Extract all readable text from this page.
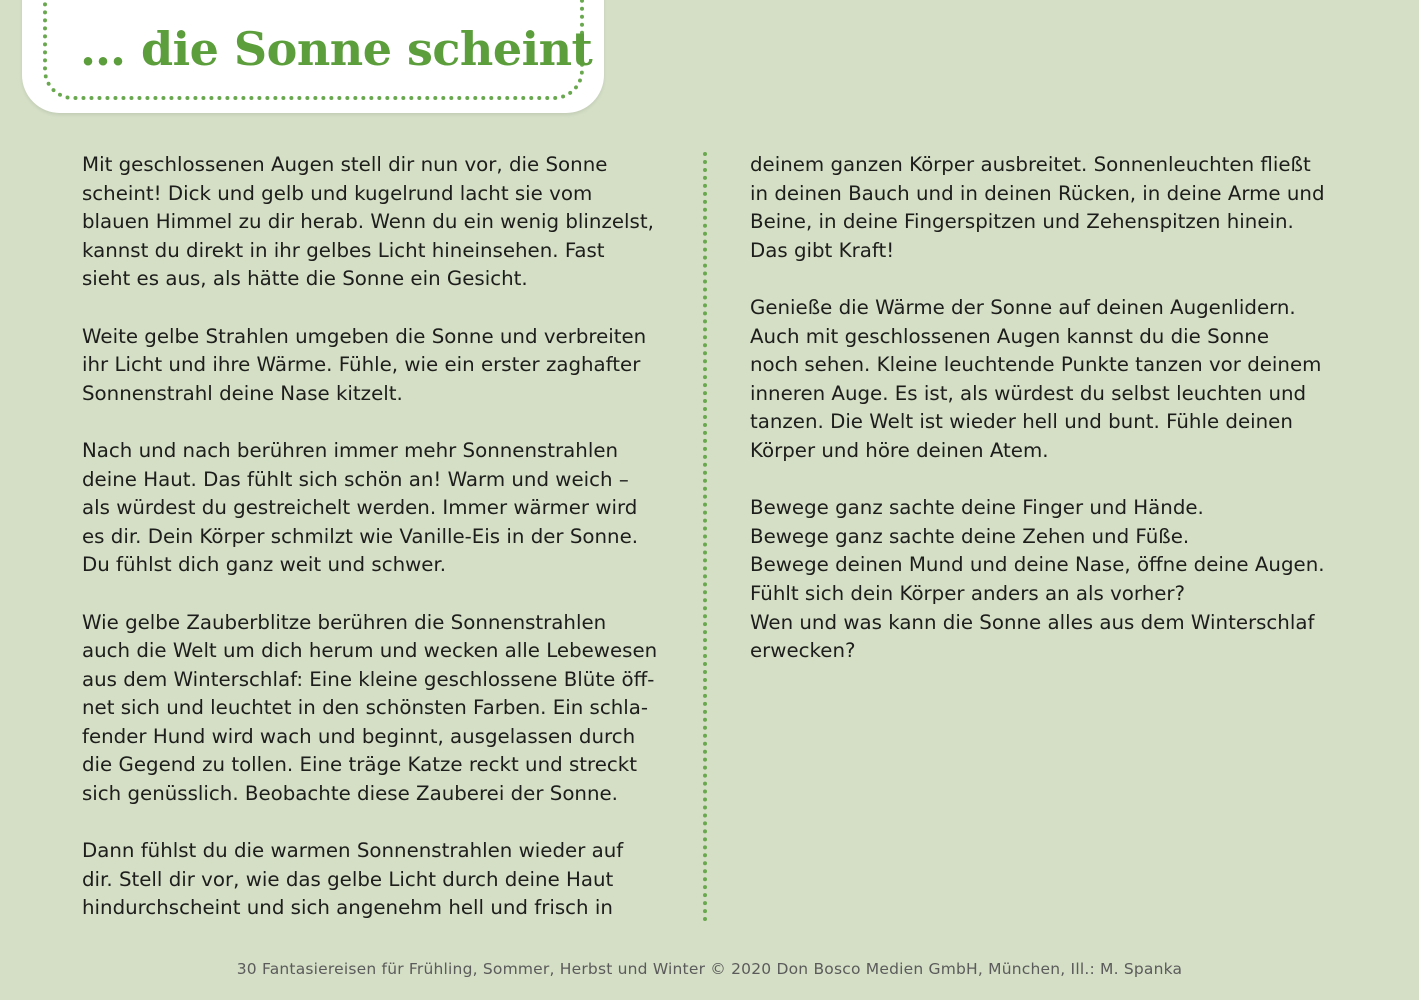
… die Sonne scheint

Mit geschlossenen Augen stell dir nun vor, die Sonne
scheint! Dick und gelb und kugelrund lacht sie vom
blauen Himmel zu dir herab. Wenn du ein wenig blinzelst,
kannst du direkt in ihr gelbes Licht hineinsehen. Fast
sieht es aus, als hätte die Sonne ein Gesicht.

Weite gelbe Strahlen umgeben die Sonne und verbreiten
ihr Licht und ihre Wärme. Fühle, wie ein erster zaghafter
Sonnenstrahl deine Nase kitzelt.

Nach und nach berühren immer mehr Sonnenstrahlen
deine Haut. Das fühlt sich schön an! Warm und weich –
als würdest du gestreichelt werden. Immer wärmer wird
es dir. Dein Körper schmilzt wie Vanille-Eis in der Sonne.
Du fühlst dich ganz weit und schwer.

Wie gelbe Zauberblitze berühren die Sonnenstrahlen
auch die Welt um dich herum und wecken alle Lebewesen
aus dem Winterschlaf: Eine kleine geschlossene Blüte öff-
net sich und leuchtet in den schönsten Farben. Ein schla-
fender Hund wird wach und beginnt, ausgelassen durch
die Gegend zu tollen. Eine träge Katze reckt und streckt
sich genüsslich. Beobachte diese Zauberei der Sonne.

Dann fühlst du die warmen Sonnenstrahlen wieder auf
dir. Stell dir vor, wie das gelbe Licht durch deine Haut
hindurchscheint und sich angenehm hell und frisch in

deinem ganzen Körper ausbreitet. Sonnenleuchten fließt
in deinen Bauch und in deinen Rücken, in deine Arme und
Beine, in deine Fingerspitzen und Zehenspitzen hinein.
Das gibt Kraft!

Genieße die Wärme der Sonne auf deinen Augenlidern.
Auch mit geschlossenen Augen kannst du die Sonne
noch sehen. Kleine leuchtende Punkte tanzen vor deinem
inneren Auge. Es ist, als würdest du selbst leuchten und
tanzen. Die Welt ist wieder hell und bunt. Fühle deinen
Körper und höre deinen Atem.

Bewege ganz sachte deine Finger und Hände.
Bewege ganz sachte deine Zehen und Füße.
Bewege deinen Mund und deine Nase, öffne deine Augen.
Fühlt sich dein Körper anders an als vorher?
Wen und was kann die Sonne alles aus dem Winterschlaf
erwecken?

30 Fantasiereisen für Frühling, Sommer, Herbst und Winter © 2020 Don Bosco Medien GmbH, München, Ill.: M. Spanka
